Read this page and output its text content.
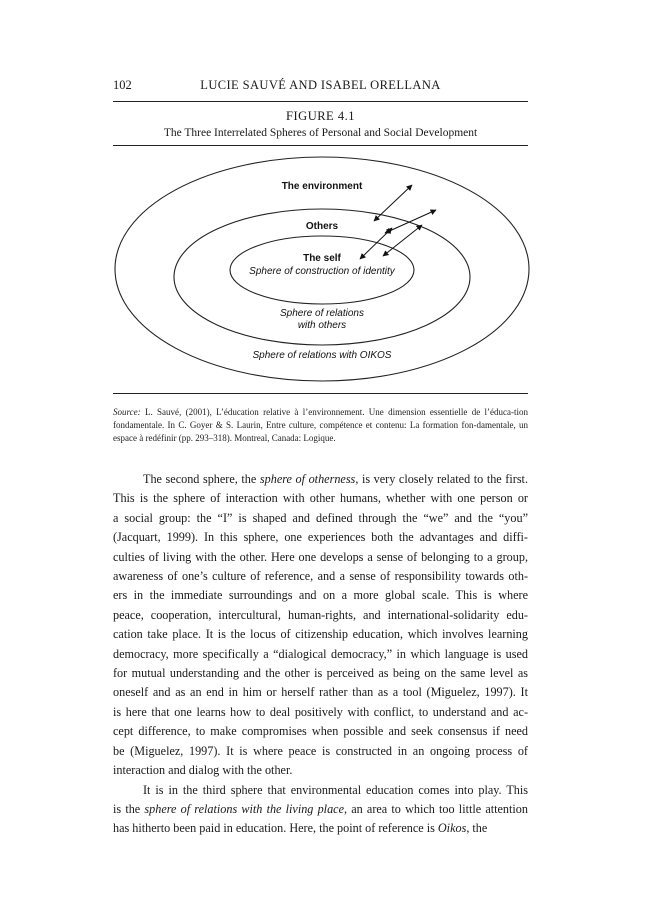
102	LUCIE SAUVÉ AND ISABEL ORELLANA
FIGURE 4.1
The Three Interrelated Spheres of Personal and Social Development
The environment
Others
The self
Sphere of construction of identity
Sphere of relations
with others
Sphere of relations with OIKOS
Source: L. Sauvé, (2001), L’éducation relative à l’environnement. Une dimension essentielle de l’éduca-tion fondamentale. In C. Goyer & S. Laurin, Entre culture, compétence et contenu: La formation fon-damentale, un espace à redéfinir (pp. 293–318). Montreal, Canada: Logique.

The second sphere, the sphere of otherness, is very closely related to the first.
This is the sphere of interaction with other humans, whether with one person or
a social group: the “I” is shaped and defined through the “we” and the “you”
(Jacquart, 1999). In this sphere, one experiences both the advantages and diffi-
culties of living with the other. Here one develops a sense of belonging to a group,
awareness of one’s culture of reference, and a sense of responsibility towards oth-
ers in the immediate surroundings and on a more global scale. This is where
peace, cooperation, intercultural, human-rights, and international-solidarity edu-
cation take place. It is the locus of citizenship education, which involves learning
democracy, more specifically a “dialogical democracy,” in which language is used
for mutual understanding and the other is perceived as being on the same level as
oneself and as an end in him or herself rather than as a tool (Miguelez, 1997). It
is here that one learns how to deal positively with conflict, to understand and ac-
cept difference, to make compromises when possible and seek consensus if need
be (Miguelez, 1997). It is where peace is constructed in an ongoing process of
interaction and dialog with the other.

It is in the third sphere that environmental education comes into play. This
is the sphere of relations with the living place, an area to which too little attention
has hitherto been paid in education. Here, the point of reference is Oikos, the
